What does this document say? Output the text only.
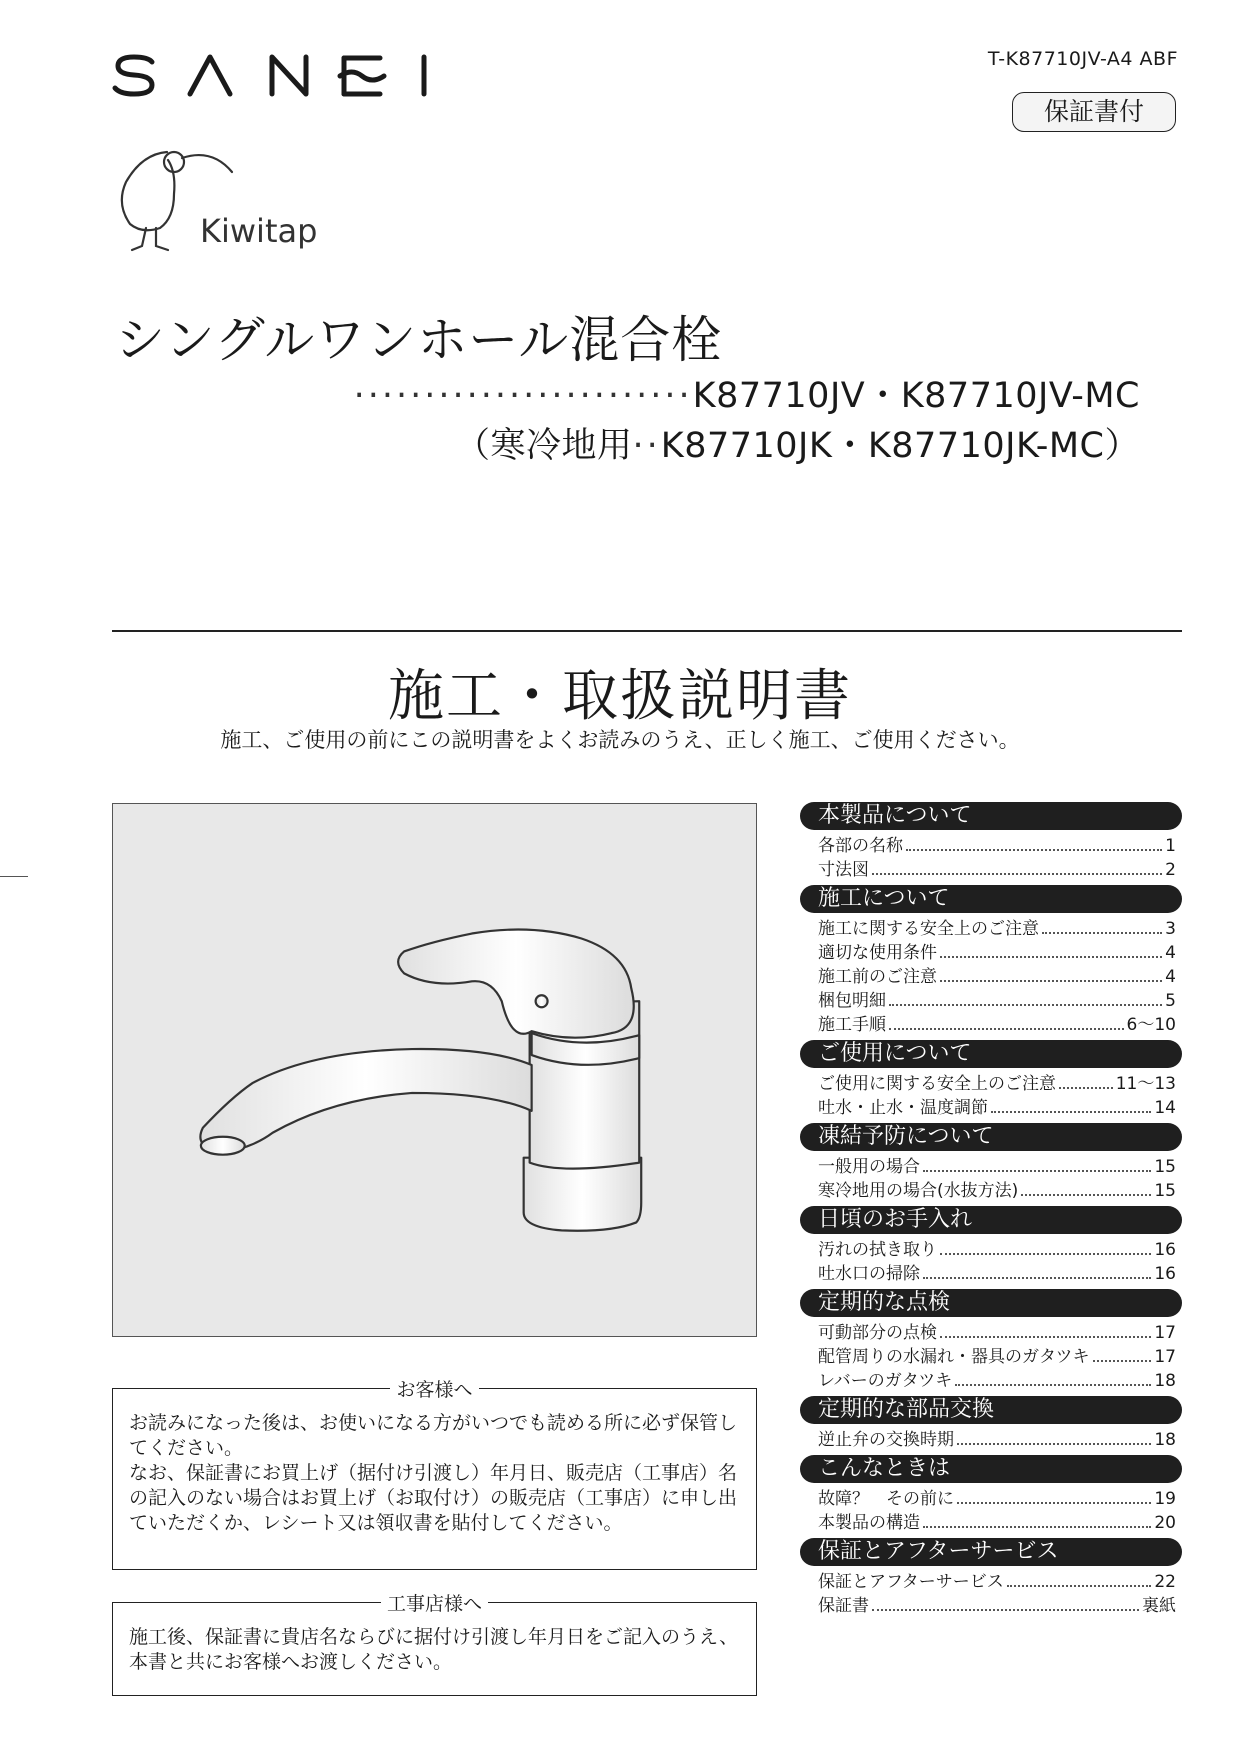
T-K87710JV-A4 ABF
保証書付
Kiwitap
シングルワンホール混合栓
························K87710JV・K87710JV-MC
（寒冷地用··K87710JK・K87710JK-MC）
施工・取扱説明書
施工、ご使用の前にこの説明書をよくお読みのうえ、正しく施工、ご使用ください。
お客様へ
お読みになった後は、お使いになる方がいつでも読める所に必ず保管してください。
なお、保証書にお買上げ（据付け引渡し）年月日、販売店（工事店）名の記入のない場合はお買上げ（お取付け）の販売店（工事店）に申し出ていただくか、レシート又は領収書を貼付してください。
工事店様へ
施工後、保証書に貴店名ならびに据付け引渡し年月日をご記入のうえ、本書と共にお客様へお渡しください。
本製品について
各部の名称	1
寸法図	2
施工について
施工に関する安全上のご注意	3
適切な使用条件	4
施工前のご注意	4
梱包明細	5
施工手順	6〜10
ご使用について
ご使用に関する安全上のご注意	11〜13
吐水・止水・温度調節	14
凍結予防について
一般用の場合	15
寒冷地用の場合(水抜方法)	15
日頃のお手入れ
汚れの拭き取り	16
吐水口の掃除	16
定期的な点検
可動部分の点検	17
配管周りの水漏れ・器具のガタツキ	17
レバーのガタツキ	18
定期的な部品交換
逆止弁の交換時期	18
こんなときは
故障？　その前に	19
本製品の構造	20
保証とアフターサービス
保証とアフターサービス	22
保証書	裏紙
